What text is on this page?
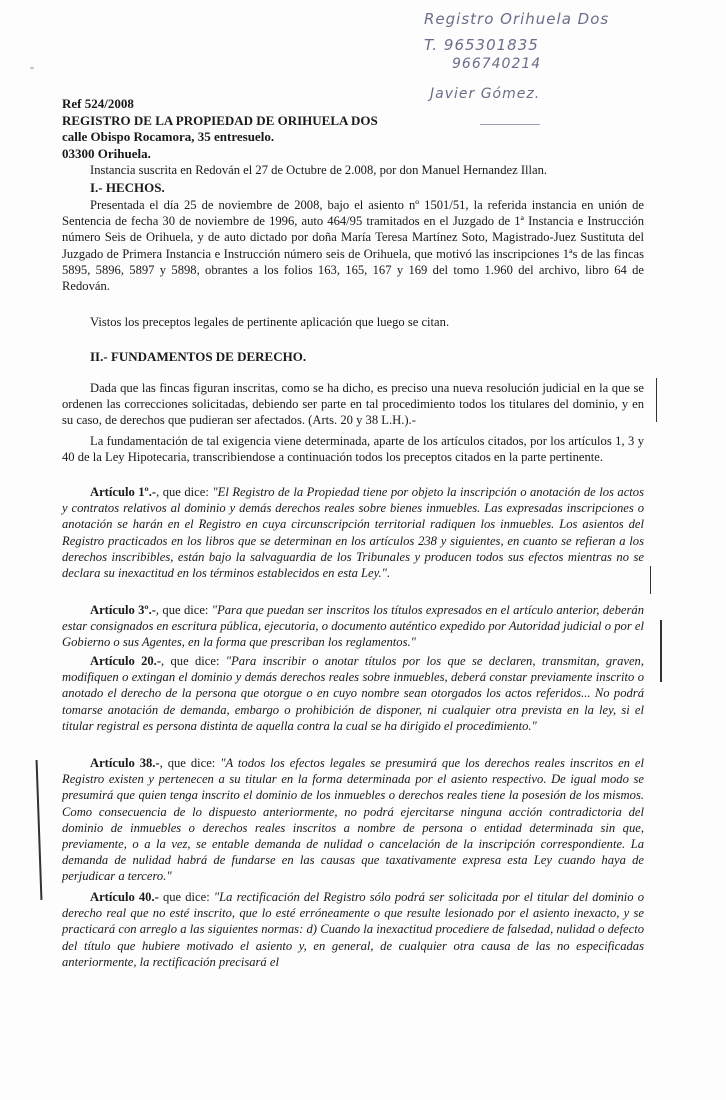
Registro Orihuela Dos
T. 965301835
966740214
Javier Gómez.
-
Ref 524/2008
REGISTRO DE LA PROPIEDAD DE ORIHUELA DOS
calle Obispo Rocamora, 35 entresuelo.
03300 Orihuela.
Instancia suscrita en Redován el 27 de Octubre de 2.008, por don Manuel Hernandez Illan.
I.- HECHOS.
Presentada el día 25 de noviembre de 2008, bajo el asiento nº 1501/51, la referida instancia en unión de Sentencia de fecha 30 de noviembre de 1996, auto 464/95 tramitados en el Juzgado de 1ª Instancia e Instrucción número Seis de Orihuela, y de auto dictado por doña María Teresa Martínez Soto, Magistrado-Juez Sustituta del Juzgado de Primera Instancia e Instrucción número seis de Orihuela, que motivó las inscripciones 1ªs de las fincas 5895, 5896, 5897 y 5898, obrantes a los folios 163, 165, 167 y 169 del tomo 1.960 del archivo, libro 64 de Redován.
Vistos los preceptos legales de pertinente aplicación que luego se citan.
II.- FUNDAMENTOS DE DERECHO.
Dada que las fincas figuran inscritas, como se ha dicho, es preciso una nueva resolución judicial en la que se ordenen las correcciones solicitadas, debiendo ser parte en tal procedimiento todos los titulares del dominio, y en su caso, de derechos que pudieran ser afectados. (Arts. 20 y 38 L.H.).-
La fundamentación de tal exigencia viene determinada, aparte de los artículos citados, por los artículos 1, 3 y 40 de la Ley Hipotecaria, transcribiendose a continuación todos los preceptos citados en la parte pertinente.
Artículo 1º.-, que dice: "El Registro de la Propiedad tiene por objeto la inscripción o anotación de los actos y contratos relativos al dominio y demás derechos reales sobre bienes inmuebles. Las expresadas inscripciones o anotación se harán en el Registro en cuya circunscripción territorial radiquen los inmuebles. Los asientos del Registro practicados en los libros que se determinan en los artículos 238 y siguientes, en cuanto se refieran a los derechos inscribibles, están bajo la salvaguardia de los Tribunales y producen todos sus efectos mientras no se declara su inexactitud en los términos establecidos en esta Ley.".
Artículo 3º.-, que dice: "Para que puedan ser inscritos los títulos expresados en el artículo anterior, deberán estar consignados en escritura pública, ejecutoria, o documento auténtico expedido por Autoridad judicial o por el Gobierno o sus Agentes, en la forma que prescriban los reglamentos."
Artículo 20.-, que dice: "Para inscribir o anotar títulos por los que se declaren, transmitan, graven, modifiquen o extingan el dominio y demás derechos reales sobre inmuebles, deberá constar previamente inscrito o anotado el derecho de la persona que otorgue o en cuyo nombre sean otorgados los actos referidos... No podrá tomarse anotación de demanda, embargo o prohibición de disponer, ni cualquier otra prevista en la ley, si el titular registral es persona distinta de aquella contra la cual se ha dirigido el procedimiento."
Artículo 38.-, que dice: "A todos los efectos legales se presumirá que los derechos reales inscritos en el Registro existen y pertenecen a su titular en la forma determinada por el asiento respectivo. De igual modo se presumirá que quien tenga inscrito el dominio de los inmuebles o derechos reales tiene la posesión de los mismos. Como consecuencia de lo dispuesto anteriormente, no podrá ejercitarse ninguna acción contradictoria del dominio de inmuebles o derechos reales inscritos a nombre de persona o entidad determinada sin que, previamente, o a la vez, se entable demanda de nulidad o cancelación de la inscripción correspondiente. La demanda de nulidad habrá de fundarse en las causas que taxativamente expresa esta Ley cuando haya de perjudicar a tercero."
Artículo 40.- que dice: "La rectificación del Registro sólo podrá ser solicitada por el titular del dominio o derecho real que no esté inscrito, que lo esté erróneamente o que resulte lesionado por el asiento inexacto, y se practicará con arreglo a las siguientes normas: d) Cuando la inexactitud procediere de falsedad, nulidad o defecto del título que hubiere motivado el asiento y, en general, de cualquier otra causa de las no especificadas anteriormente, la rectificación precisará el
